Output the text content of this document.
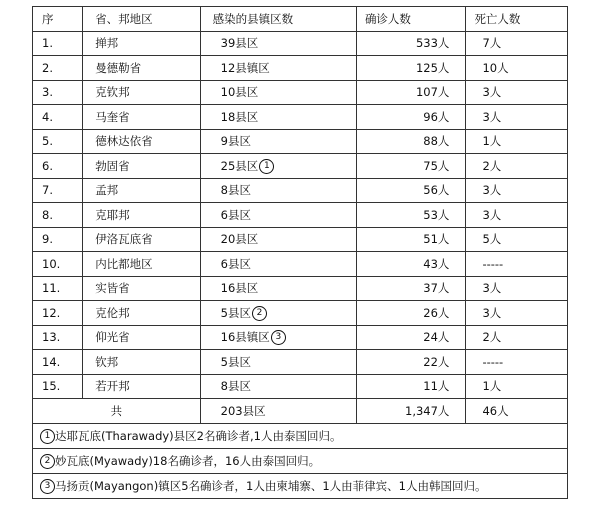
序	省、邦地区	感染的县镇区数	确诊人数	死亡人数
1.	掸邦	39县区	533人	7人
2.	曼德勒省	12县镇区	125人	10人
3.	克钦邦	10县区	107人	3人
4.	马奎省	18县区	96人	3人
5.	德林达依省	9县区	88人	1人
6.	勃固省	25县区 1	75人	2人
7.	孟邦	8县区	56人	3人
8.	克耶邦	6县区	53人	3人
9.	伊洛瓦底省	20县区	51人	5人
10.	内比都地区	6县区	43人	-----
11.	实皆省	16县区	37人	3人
12.	克伦邦	5县区 2	26人	3人
13.	仰光省	16县镇区 3	24人	2人
14.	钦邦	5县区	22人	-----
15.	若开邦	8县区	11人	1人
共		203县区	1,347人	46人
1 达耶瓦底(Tharawady)县区2名确诊者,1人由泰国回归。				
2 妙瓦底(Myawady)18名确诊者，16人由泰国回归。				
3 马扬贡(Mayangon)镇区5名确诊者，1人由柬埔寨、1人由菲律宾、1人由韩国回归。				
